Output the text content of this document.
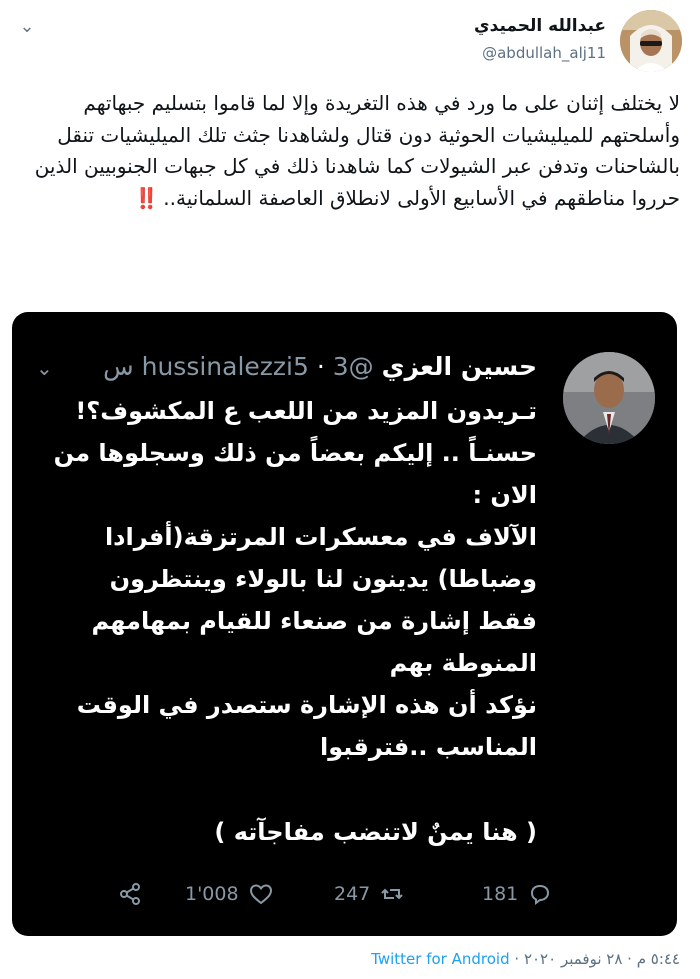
⌄	عبدالله الحميدي
@abdullah_alj11
لا يختلف إثنان على ما ورد في هذه التغريدة وإلا لما قاموا بتسليم جبهاتهم وأسلحتهم للميليشيات الحوثية دون قتال ولشاهدنا جثث تلك الميليشيات تنقل بالشاحنات وتدفن عبر الشيولات كما شاهدنا ذلك في كل جبهات الجنوبيين الذين حرروا مناطقهم في الأسابيع الأولى لانطلاق العاصفة السلمانية..‼️
⌄	حسين العزي @hussinalezzi5 · 3 س
تـريدون المزيد من اللعب ع المكشوف؟!
حسنـاً .. إليكم بعضاً من ذلك وسجلوها من
الان :
الآلاف في معسكرات المرتزقة(أفرادا
وضباطا) يدينون لنا بالولاء وينتظرون
فقط إشارة من صنعاء للقيام بمهامهم
المنوطة بهم
نؤكد أن هذه الإشارة ستصدر في الوقت
المناسب ..فترقبوا
( هنا يمنٌ لاتنضب مفاجآته )
1'008	247	181
٥:٤٤ م · ٢٨ نوفمبر ٢٠٢٠ · Twitter for Android
